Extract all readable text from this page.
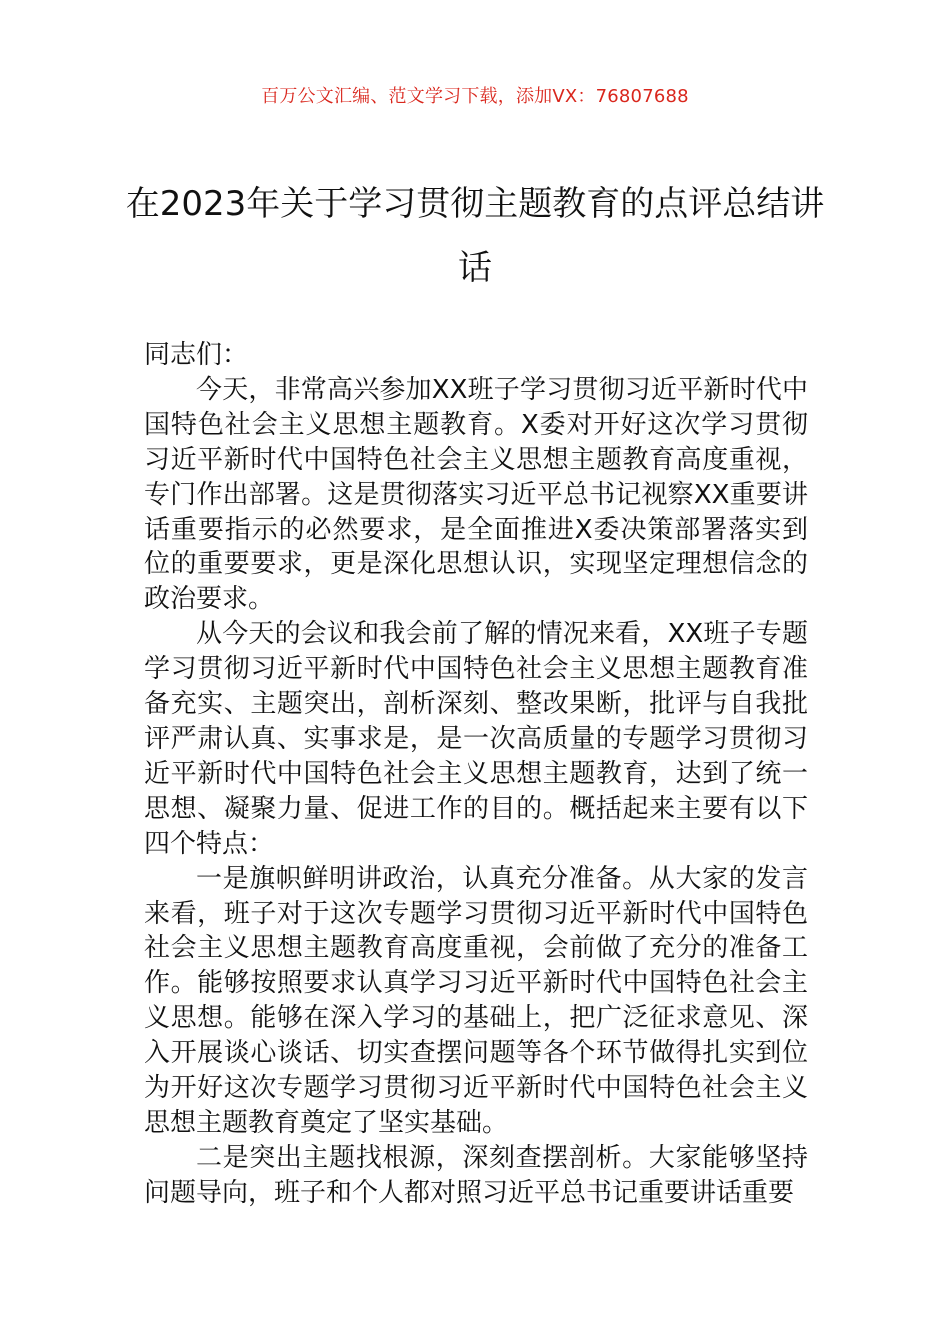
百万公文汇编、范文学习下载，添加VX：76807688
在2023年关于学习贯彻主题教育的点评总结讲话

同志们：

今天，非常高兴参加XX班子学习贯彻习近平新时代中国特色社会主义思想主题教育。X委对开好这次学习贯彻习近平新时代中国特色社会主义思想主题教育高度重视，专门作出部署。这是贯彻落实习近平总书记视察XX重要讲话重要指示的必然要求，是全面推进X委决策部署落实到位的重要要求，更是深化思想认识，实现坚定理想信念的政治要求。

从今天的会议和我会前了解的情况来看，XX班子专题学习贯彻习近平新时代中国特色社会主义思想主题教育准备充实、主题突出，剖析深刻、整改果断，批评与自我批评严肃认真、实事求是，是一次高质量的专题学习贯彻习近平新时代中国特色社会主义思想主题教育，达到了统一思想、凝聚力量、促进工作的目的。概括起来主要有以下四个特点：

一是旗帜鲜明讲政治，认真充分准备。从大家的发言来看，班子对于这次专题学习贯彻习近平新时代中国特色社会主义思想主题教育高度重视，会前做了充分的准备工作。能够按照要求认真学习习近平新时代中国特色社会主义思想。能够在深入学习的基础上，把广泛征求意见、深入开展谈心谈话、切实查摆问题等各个环节做得扎实到位为开好这次专题学习贯彻习近平新时代中国特色社会主义思想主题教育奠定了坚实基础。

二是突出主题找根源，深刻查摆剖析。大家能够坚持问题导向，班子和个人都对照习近平总书记重要讲话重要
